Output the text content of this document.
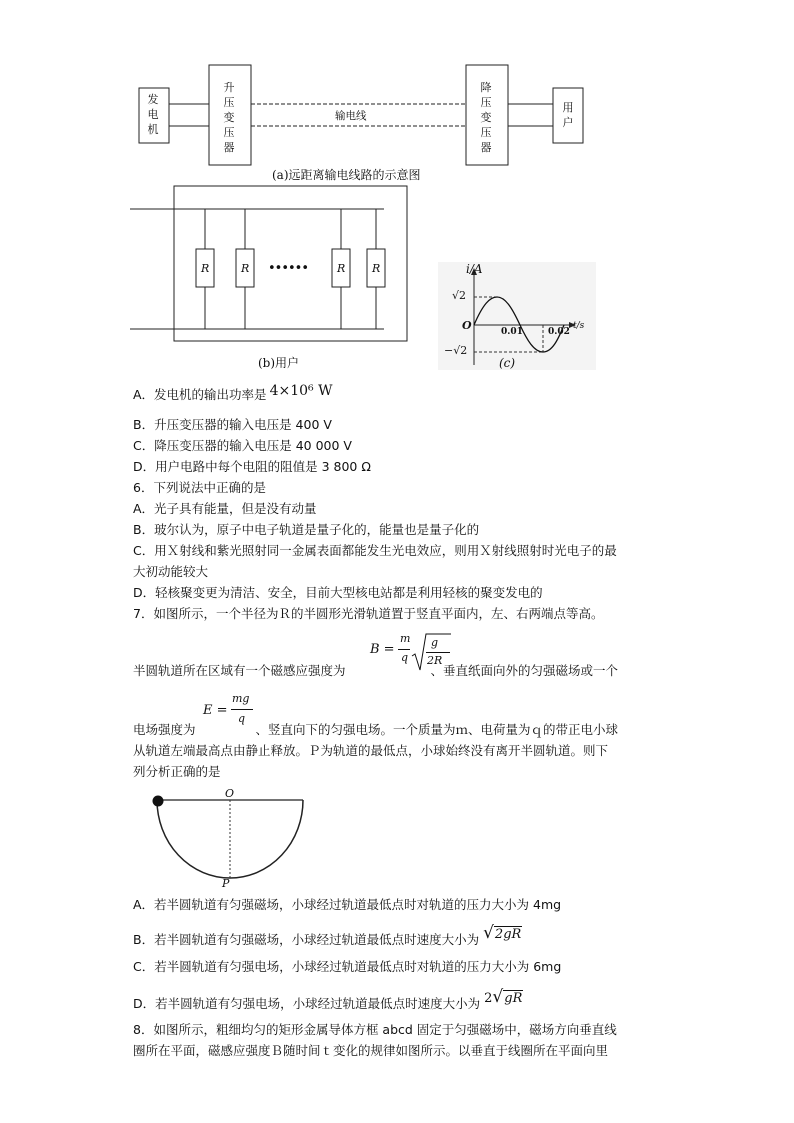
发电机
升压变压器
输电线
降压变压器
用户
(a)远距离输电线路的示意图
R	R ••••••	R R
(b)用户
i/A
√2
O	0.01	0.02
t/s
−√2
(c)
A．发电机的输出功率是 4×10⁶ W
B．升压变压器的输入电压是 400 V
C．降压变压器的输入电压是 40 000 V
D．用户电路中每个电阻的阻值是 3 800 Ω
6．下列说法中正确的是
A．光子具有能量，但是没有动量
B．玻尔认为，原子中电子轨道是量子化的，能量也是量子化的
C．用Ｘ射线和紫光照射同一金属表面都能发生光电效应，则用Ｘ射线照射时光电子的最
大初动能较大
D．轻核聚变更为清洁、安全，目前大型核电站都是利用轻核的聚变发电的
7．如图所示，一个半径为Ｒ的半圆形光滑轨道置于竖直平面内，左、右两端点等高。
B =
m
q
g
2R
半圆轨道所在区域有一个磁感应强度为	、垂直纸面向外的匀强磁场或一个
E =
mg
q
电场强度为	、竖直向下的匀强电场。一个质量为ｍ、电荷量为ｑ的带正电小球
从轨道左端最高点由静止释放。Ｐ为轨道的最低点，小球始终没有离开半圆轨道。则下
列分析正确的是
O
P
A．若半圆轨道有匀强磁场，小球经过轨道最低点时对轨道的压力大小为 4mg
B．若半圆轨道有匀强磁场，小球经过轨道最低点时速度大小为 √2gR
C．若半圆轨道有匀强电场，小球经过轨道最低点时对轨道的压力大小为 6mg
D．若半圆轨道有匀强电场，小球经过轨道最低点时速度大小为 2√gR
8．如图所示，粗细均匀的矩形金属导体方框 abcd 固定于匀强磁场中，磁场方向垂直线
圈所在平面，磁感应强度Ｂ随时间ｔ变化的规律如图所示。以垂直于线圈所在平面向里
